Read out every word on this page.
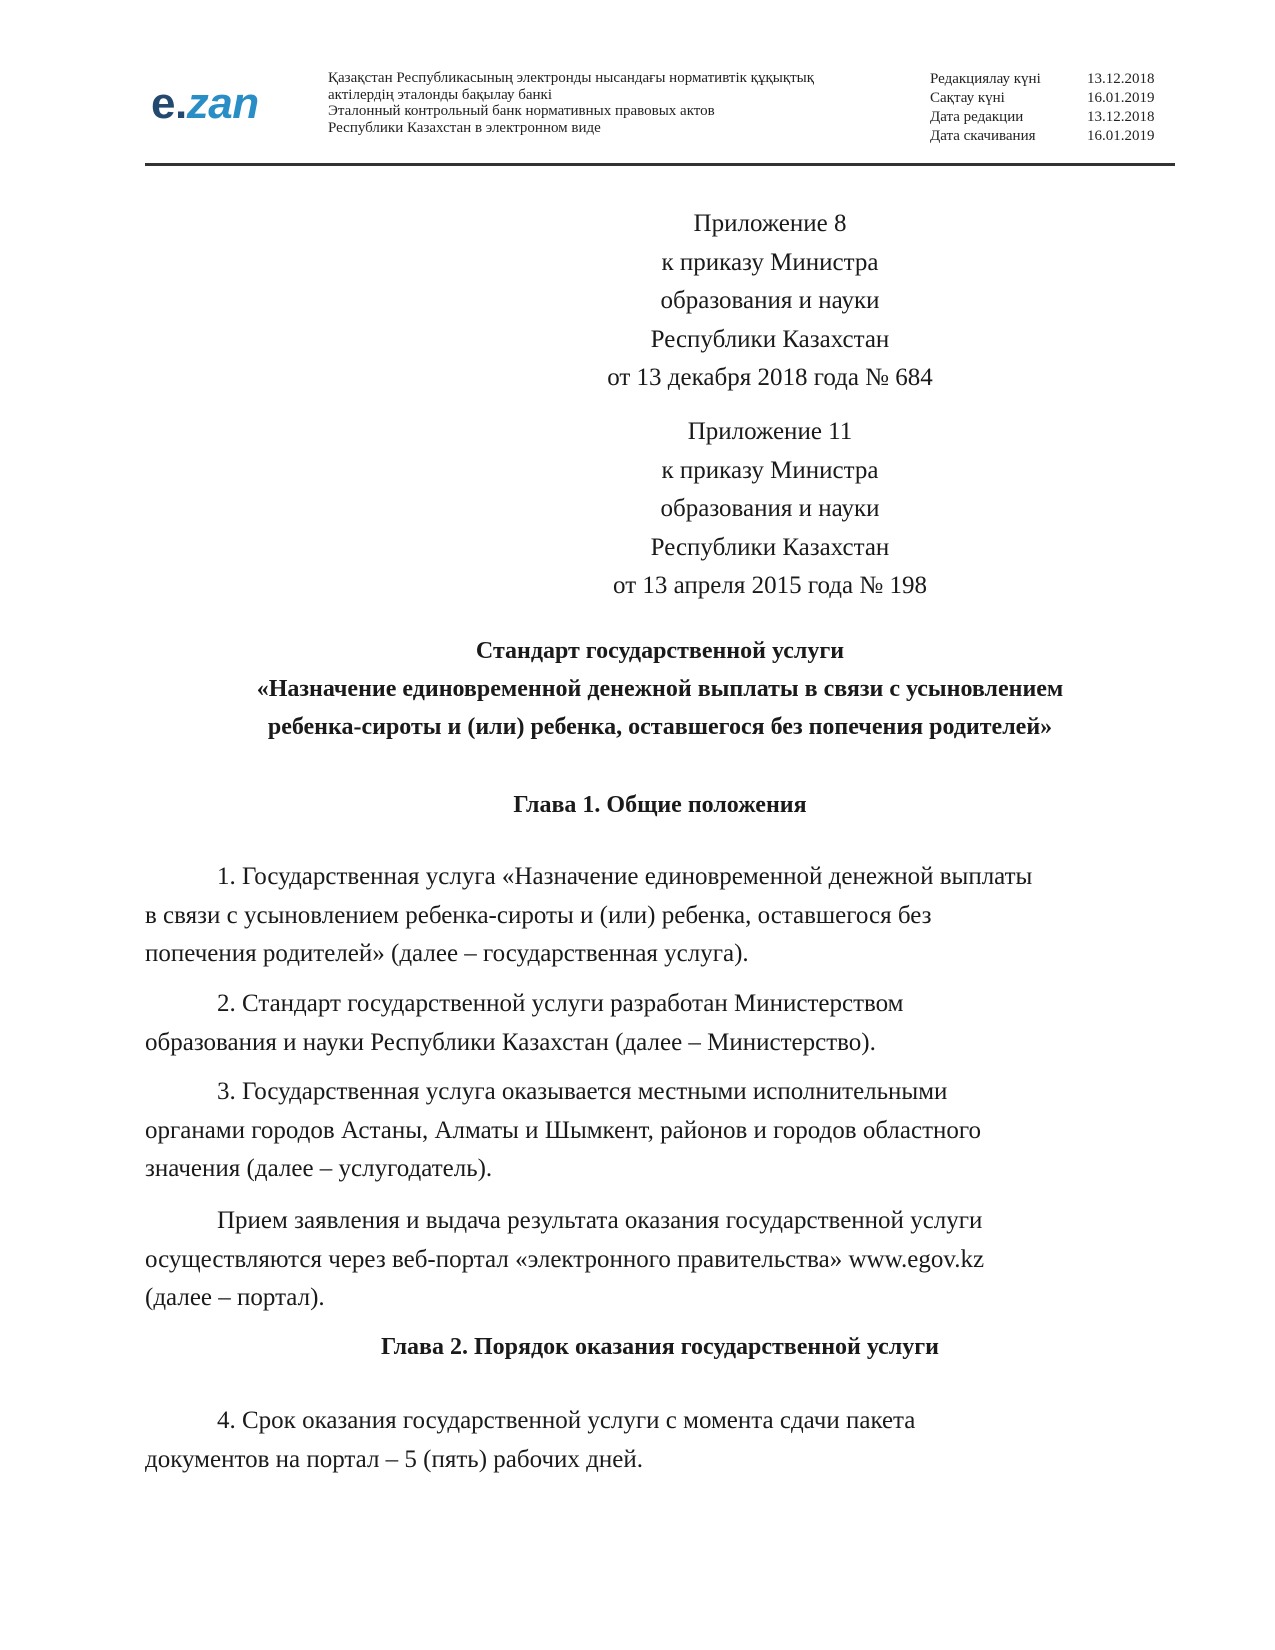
e.zan
Қазақстан Республикасының электронды нысандағы нормативтік құқықтық
актілердің эталонды бақылау банкі
Эталонный контрольный банк нормативных правовых актов
Республики Казахстан в электронном виде
Редакциялау күні	13.12.2018
Сақтау күні	16.01.2019
Дата редакции	13.12.2018
Дата скачивания	16.01.2019
Приложение 8
к приказу Министра
образования и науки
Республики Казахстан
от 13 декабря 2018 года № 684
Приложение 11
к приказу Министра
образования и науки
Республики Казахстан
от 13 апреля 2015 года № 198
Стандарт государственной услуги
«Назначение единовременной денежной выплаты в связи с усыновлением
ребенка-сироты и (или) ребенка, оставшегося без попечения родителей»
Глава 1. Общие положения
1. Государственная услуга «Назначение единовременной денежной выплаты
в связи с усыновлением ребенка-сироты и (или) ребенка, оставшегося без
попечения родителей» (далее – государственная услуга).
2. Стандарт государственной услуги разработан Министерством
образования и науки Республики Казахстан (далее – Министерство).
3. Государственная услуга оказывается местными исполнительными
органами городов Астаны, Алматы и Шымкент, районов и городов областного
значения (далее – услугодатель).
Прием заявления и выдача результата оказания государственной услуги
осуществляются через веб-портал «электронного правительства» www.egov.kz
(далее – портал).
Глава 2. Порядок оказания государственной услуги
4. Срок оказания государственной услуги с момента сдачи пакета
документов на портал – 5 (пять) рабочих дней.
